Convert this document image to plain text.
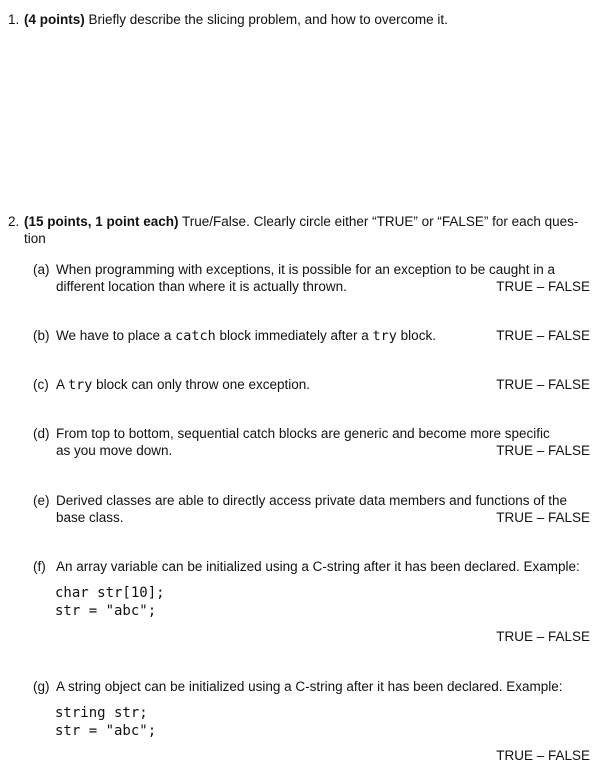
1. (4 points) Briefly describe the slicing problem, and how to overcome it.
2. (15 points, 1 point each) True/False. Clearly circle either “TRUE” or “FALSE” for each ques-
tion
(a) When programming with exceptions, it is possible for an exception to be caught in a
different location than where it is actually thrown.	TRUE – FALSE
(b) We have to place a catch block immediately after a try block.	TRUE – FALSE
(c) A try block can only throw one exception.	TRUE – FALSE
(d) From top to bottom, sequential catch blocks are generic and become more specific
as you move down.	TRUE – FALSE
(e) Derived classes are able to directly access private data members and functions of the
base class.	TRUE – FALSE
(f) An array variable can be initialized using a C-string after it has been declared. Example:
char str[10];
str = "abc";
TRUE – FALSE
(g) A string object can be initialized using a C-string after it has been declared. Example:
string str;
str = "abc";
TRUE – FALSE
